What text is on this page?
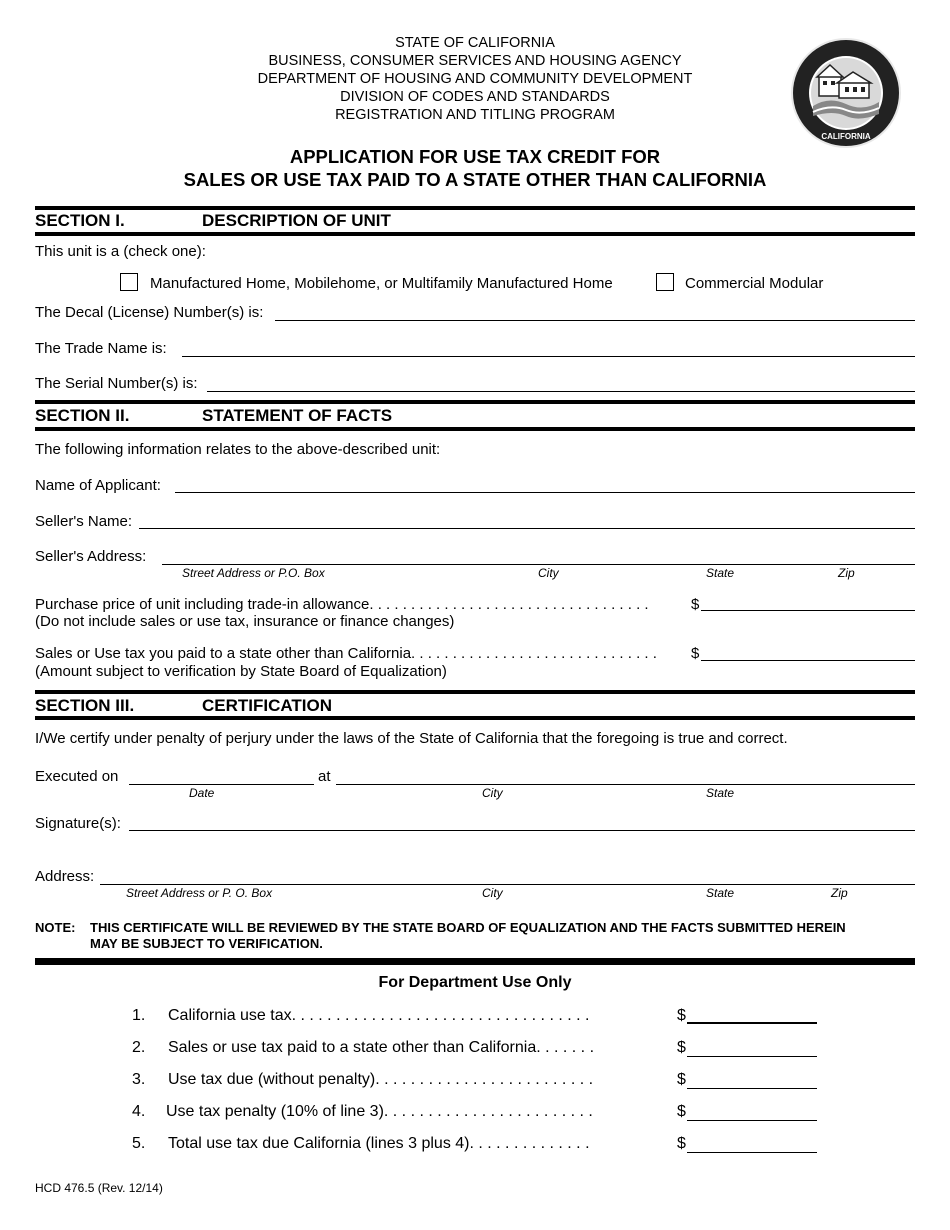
STATE OF CALIFORNIA
BUSINESS, CONSUMER SERVICES AND HOUSING AGENCY
DEPARTMENT OF HOUSING AND COMMUNITY DEVELOPMENT
DIVISION OF CODES AND STANDARDS
REGISTRATION AND TITLING PROGRAM
CALIFORNIA
APPLICATION FOR USE TAX CREDIT FOR
SALES OR USE TAX PAID TO A STATE OTHER THAN CALIFORNIA
SECTION I.	DESCRIPTION OF UNIT
This unit is a (check one):
Manufactured Home, Mobilehome, or Multifamily Manufactured Home	Commercial Modular
The Decal (License) Number(s) is:
The Trade Name is:
The Serial Number(s) is:
SECTION II.	STATEMENT OF FACTS
The following information relates to the above-described unit:
Name of Applicant:
Seller's Name:
Seller's Address:
Street Address or P.O. Box	City	State	Zip
Purchase price of unit including trade-in allowance. . . . . . . . . . . . . . . . . . . . . . . . . . . . . . . . . .	$
(Do not include sales or use tax, insurance or finance changes)
Sales or Use tax you paid to a state other than California. . . . . . . . . . . . . . . . . . . . . . . . . . . . . . $
(Amount subject to verification by State Board of Equalization)
SECTION III.	CERTIFICATION
I/We certify under penalty of perjury under the laws of the State of California that the foregoing is true and correct.
Executed on	at
Date	City	State
Signature(s):
Address:
Street Address or P. O. Box	City	State	Zip
NOTE: THIS CERTIFICATE WILL BE REVIEWED BY THE STATE BOARD OF EQUALIZATION AND THE FACTS SUBMITTED HEREIN
MAY BE SUBJECT TO VERIFICATION.
For Department Use Only
1. California use tax. . . . . . . . . . . . . . . . . . . . . . . . . . . . . . . . . .	$
2. Sales or use tax paid to a state other than California. . . . . . .	$
3. Use tax due (without penalty). . . . . . . . . . . . . . . . . . . . . . . . .	$
4. Use tax penalty (10% of line 3). . . . . . . . . . . . . . . . . . . . . . . .	$
5. Total use tax due California (lines 3 plus 4). . . . . . . . . . . . . .	$
HCD 476.5 (Rev. 12/14)
